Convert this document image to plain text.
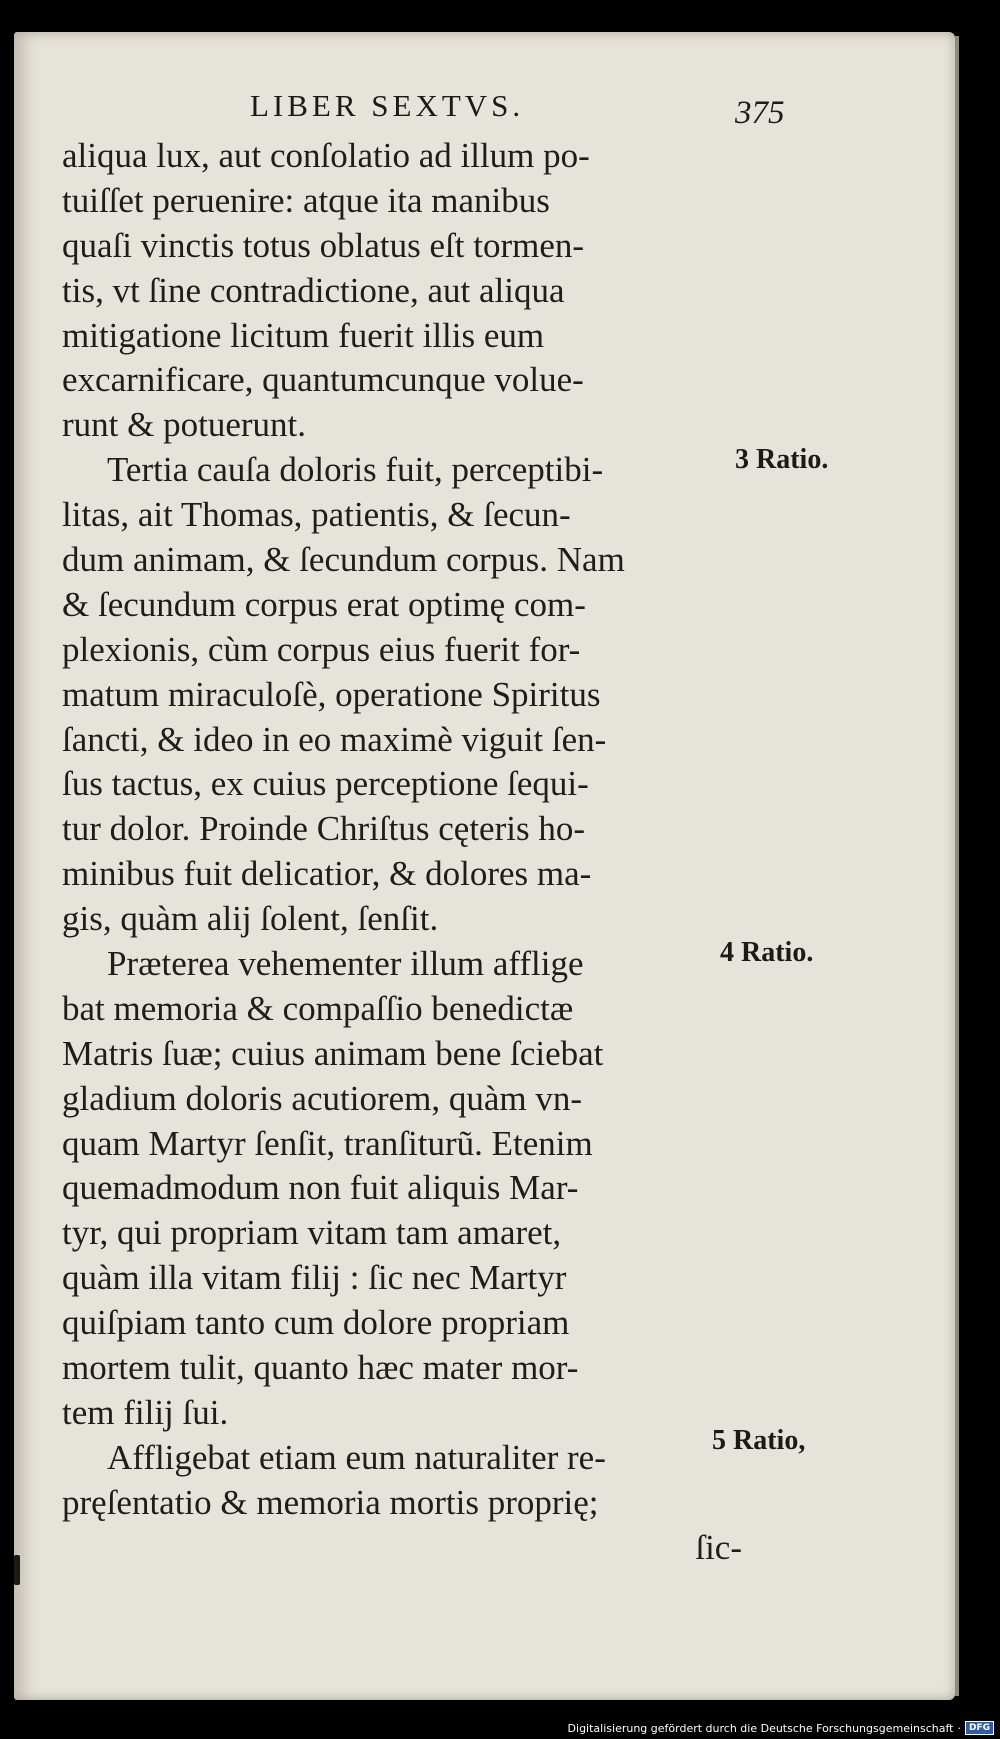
LIBER SEXTVS.	375
aliqua lux, aut conſolatio ad illum po-
tuiſſet peruenire: atque ita manibus
quaſi vinctis totus oblatus eſt tormen-
tis, vt ſine contradictione, aut aliqua
mitigatione licitum fuerit illis eum
excarnificare, quantumcunque volue-
runt & potuerunt.
Tertia cauſa doloris fuit, perceptibi-
litas, ait Thomas, patientis, & ſecun-
dum animam, & ſecundum corpus. Nam
& ſecundum corpus erat optimę com-
plexionis, cùm corpus eius fuerit for-
matum miraculoſè, operatione Spiritus
ſancti, & ideo in eo maximè viguit ſen-
ſus tactus, ex cuius perceptione ſequi-
tur dolor. Proinde Chriſtus cęteris ho-
minibus fuit delicatior, & dolores ma-
gis, quàm alij ſolent, ſenſit.
Præterea vehementer illum afflige
bat memoria & compaſſio benedictæ
Matris ſuæ; cuius animam bene ſciebat
gladium doloris acutiorem, quàm vn-
quam Martyr ſenſit, tranſiturũ. Etenim
quemadmodum non fuit aliquis Mar-
tyr, qui propriam vitam tam amaret,
quàm illa vitam filij : ſic nec Martyr
quiſpiam tanto cum dolore propriam
mortem tulit, quanto hæc mater mor-
tem filij ſui.
Affligebat etiam eum naturaliter re-
pręſentatio & memoria mortis proprię;
ſic-
3 Ratio.
4 Ratio.
5 Ratio,
Digitalisierung gefördert durch die Deutsche Forschungsgemeinschaft · DFG
